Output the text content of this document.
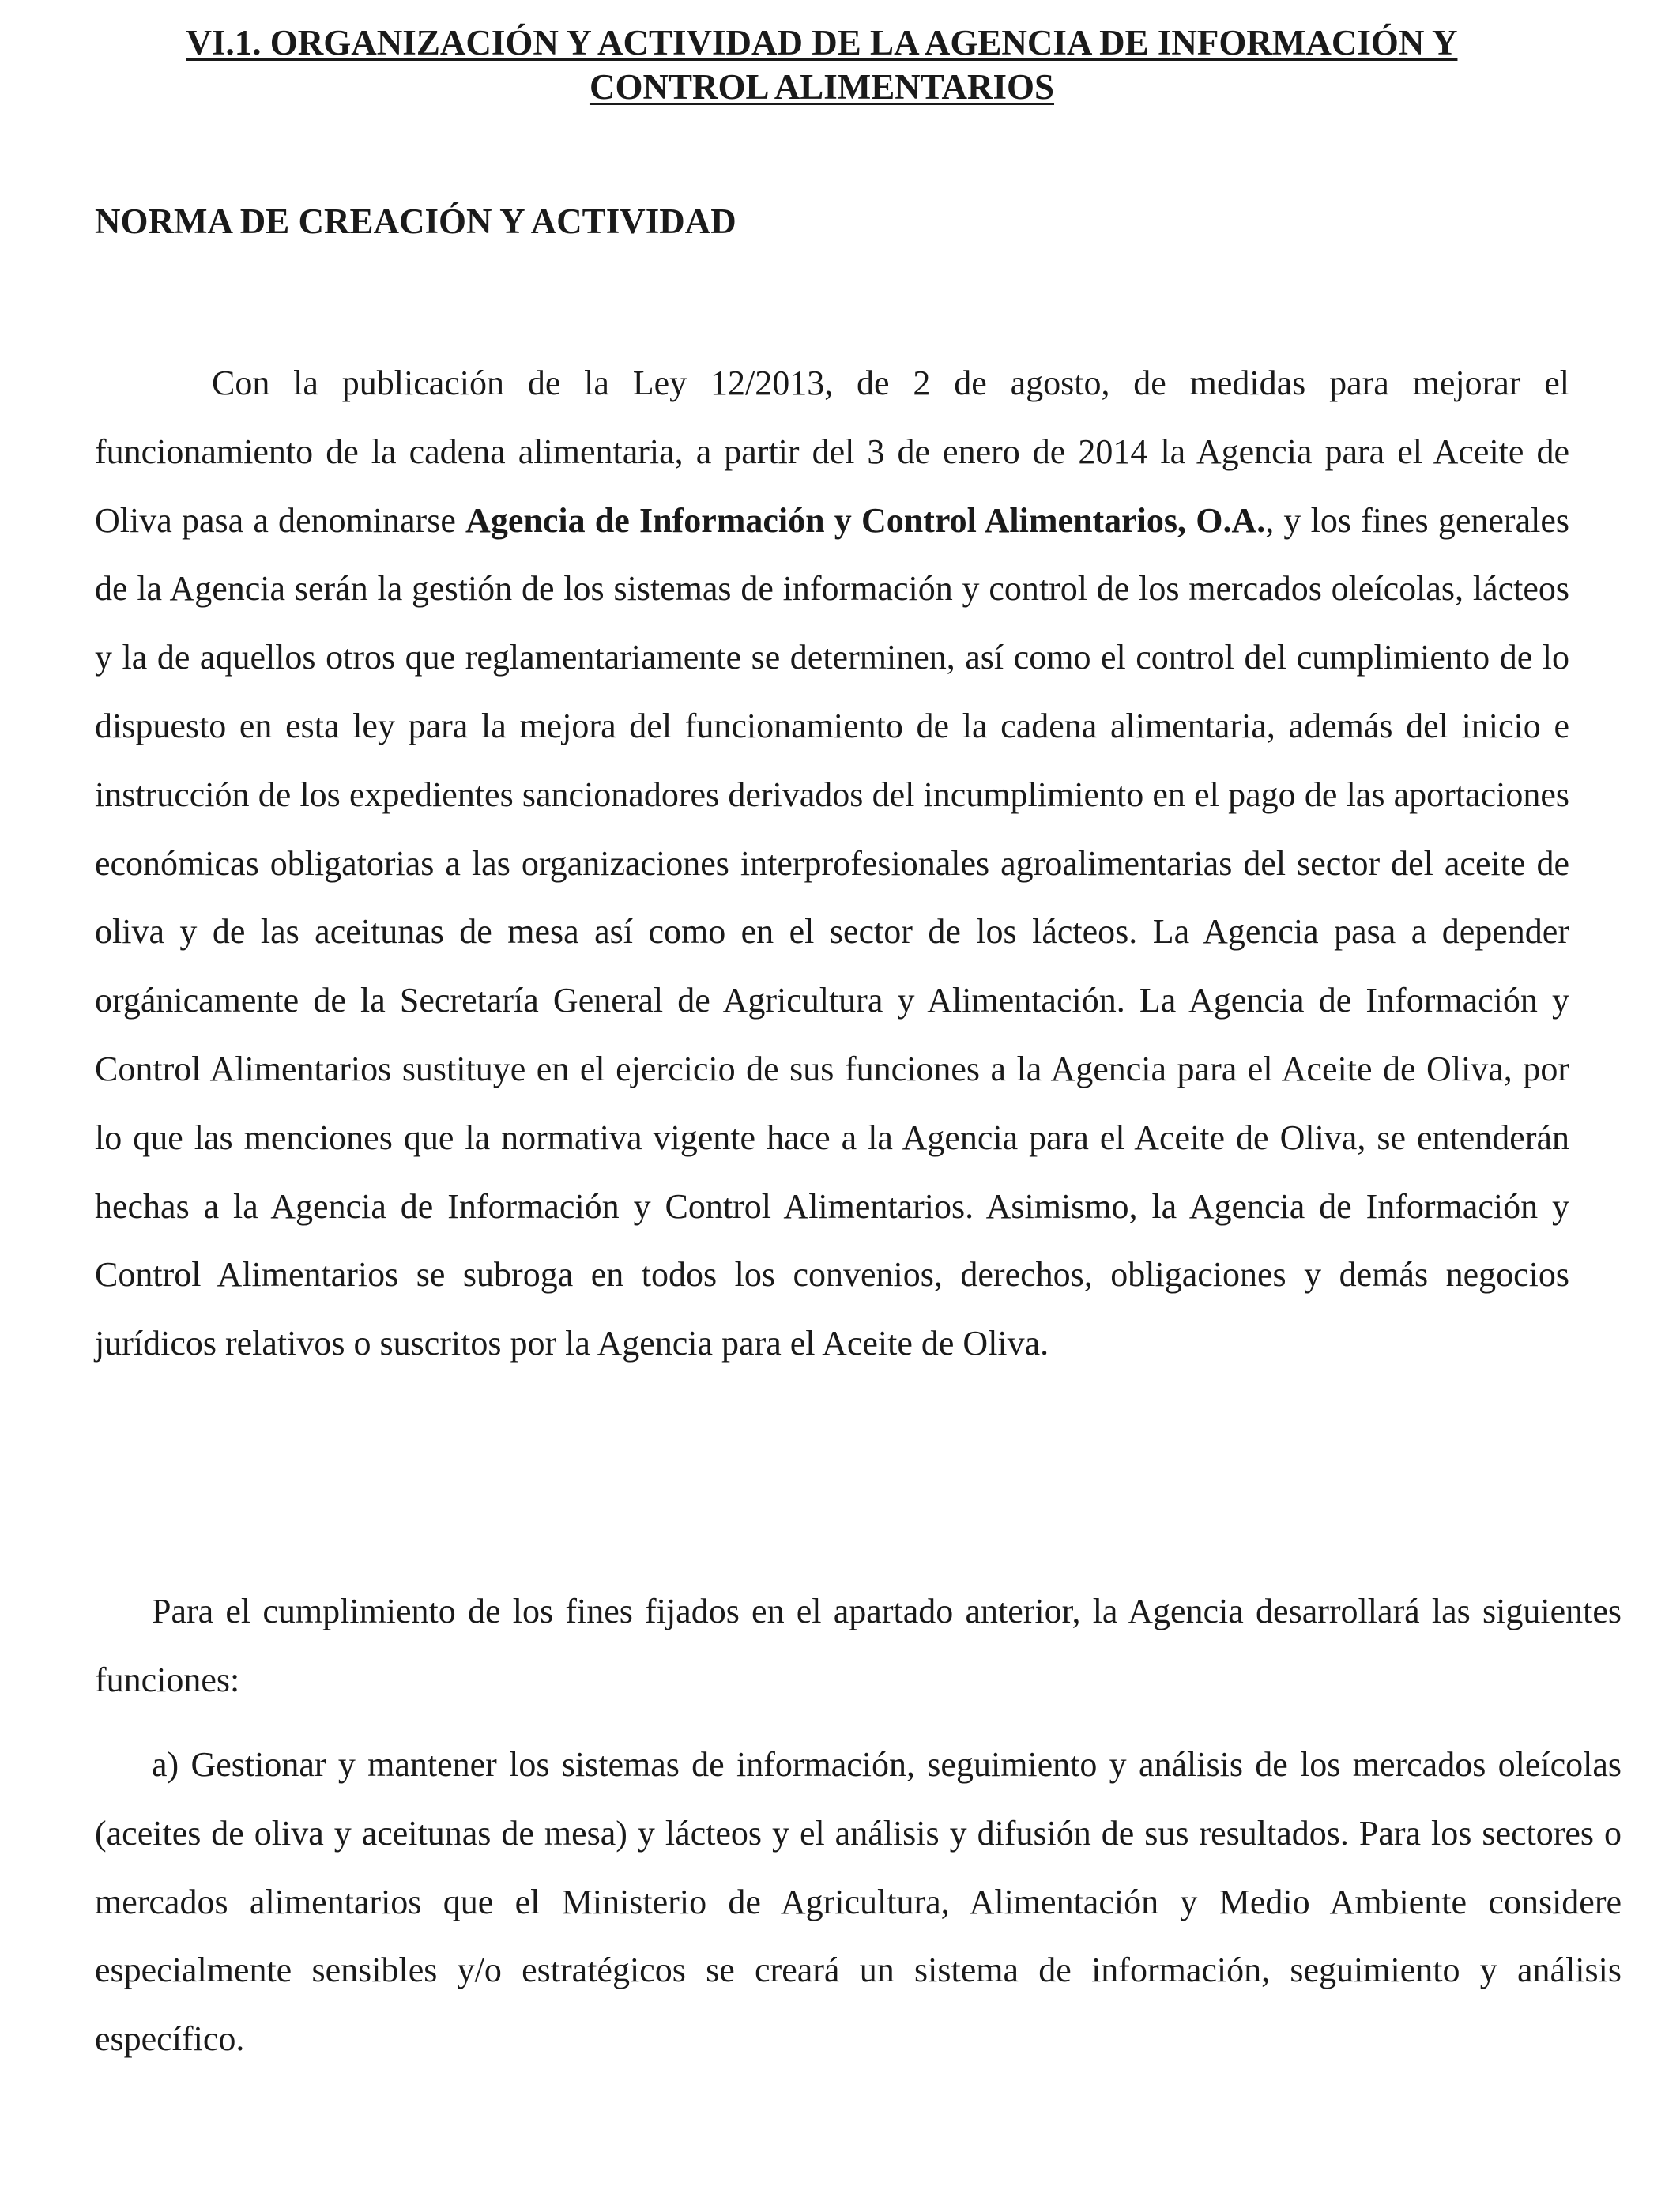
VI.1. ORGANIZACIÓN Y ACTIVIDAD DE LA AGENCIA DE INFORMACIÓN Y
CONTROL ALIMENTARIOS
NORMA DE CREACIÓN Y ACTIVIDAD

Con la publicación de la Ley 12/2013, de 2 de agosto, de medidas para mejorar el funcionamiento de la cadena alimentaria, a partir del 3 de enero de 2014 la Agencia para el Aceite de Oliva pasa a denominarse Agencia de Información y Control Alimentarios, O.A., y los fines generales de la Agencia serán la gestión de los sistemas de información y control de los mercados oleícolas, lácteos y la de aquellos otros que reglamentariamente se determinen, así como el control del cumplimiento de lo dispuesto en esta ley para la mejora del funcionamiento de la cadena alimentaria, además del inicio e instrucción de los expedientes sancionadores derivados del incumplimiento en el pago de las aportaciones económicas obligatorias a las organizaciones interprofesionales agroalimentarias del sector del aceite de oliva y de las aceitunas de mesa así como en el sector de los lácteos. La Agencia pasa a depender orgánicamente de la Secretaría General de Agricultura y Alimentación. La Agencia de Información y Control Alimentarios sustituye en el ejercicio de sus funciones a la Agencia para el Aceite de Oliva, por lo que las menciones que la normativa vigente hace a la Agencia para el Aceite de Oliva, se entenderán hechas a la Agencia de Información y Control Alimentarios. Asimismo, la Agencia de Información y Control Alimentarios se subroga en todos los convenios, derechos, obligaciones y demás negocios jurídicos relativos o suscritos por la Agencia para el Aceite de Oliva.

Para el cumplimiento de los fines fijados en el apartado anterior, la Agencia desarrollará las siguientes funciones:

a) Gestionar y mantener los sistemas de información, seguimiento y análisis de los mercados oleícolas (aceites de oliva y aceitunas de mesa) y lácteos y el análisis y difusión de sus resultados. Para los sectores o mercados alimentarios que el Ministerio de Agricultura, Alimentación y Medio Ambiente considere especialmente sensibles y/o estratégicos se creará un sistema de información, seguimiento y análisis específico.
